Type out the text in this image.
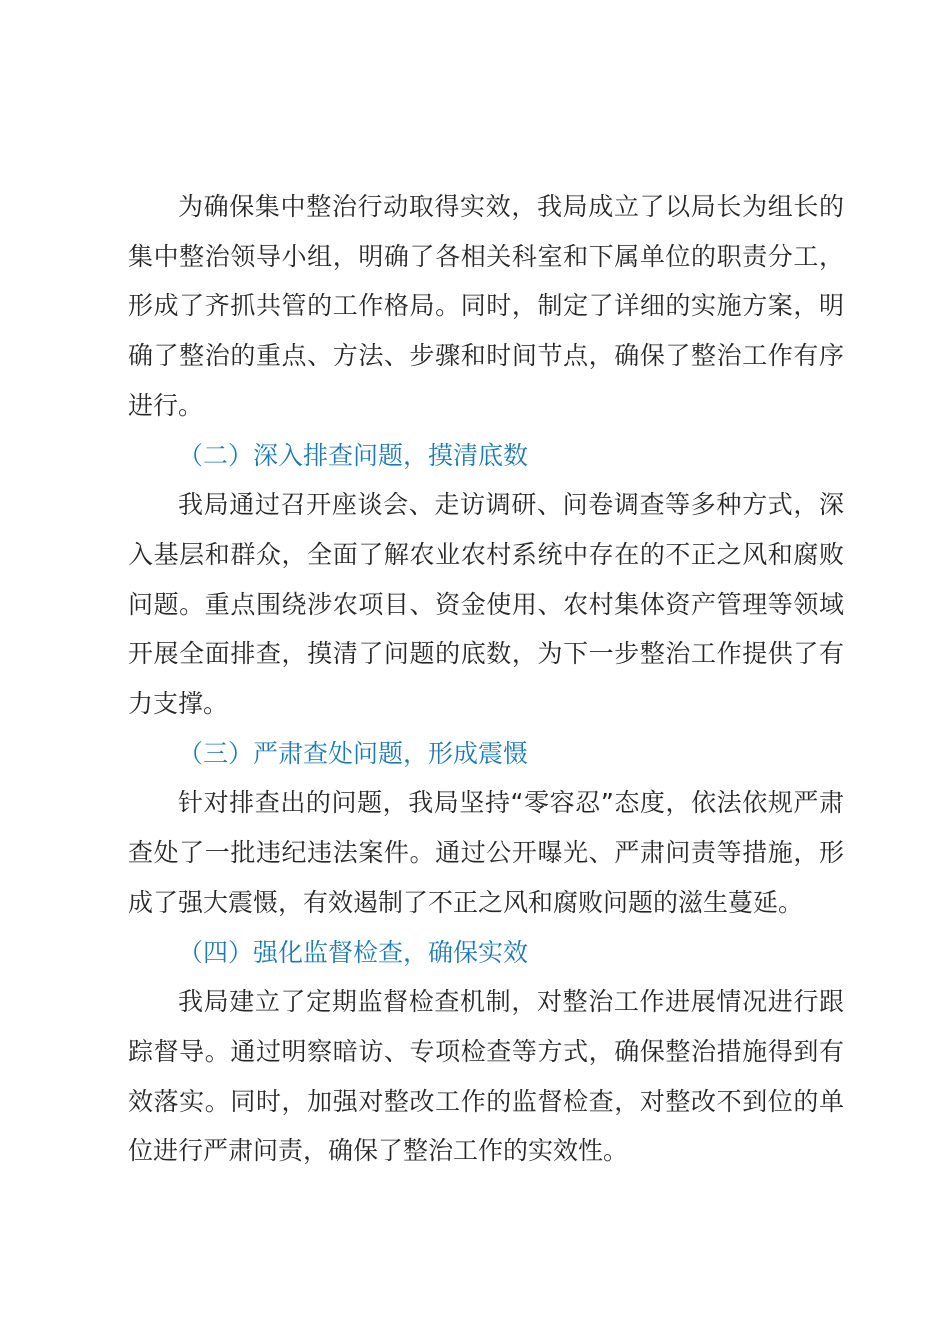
为确保集中整治行动取得实效，我局成立了以局长为组长的集中整治领导小组，明确了各相关科室和下属单位的职责分工，形成了齐抓共管的工作格局。同时，制定了详细的实施方案，明确了整治的重点、方法、步骤和时间节点，确保了整治工作有序进行。

（二）深入排查问题，摸清底数

我局通过召开座谈会、走访调研、问卷调查等多种方式，深入基层和群众，全面了解农业农村系统中存在的不正之风和腐败问题。重点围绕涉农项目、资金使用、农村集体资产管理等领域开展全面排查，摸清了问题的底数，为下一步整治工作提供了有力支撑。

（三）严肃查处问题，形成震慑

针对排查出的问题，我局坚持“零容忍”态度，依法依规严肃查处了一批违纪违法案件。通过公开曝光、严肃问责等措施，形成了强大震慑，有效遏制了不正之风和腐败问题的滋生蔓延。

（四）强化监督检查，确保实效

我局建立了定期监督检查机制，对整治工作进展情况进行跟踪督导。通过明察暗访、专项检查等方式，确保整治措施得到有效落实。同时，加强对整改工作的监督检查，对整改不到位的单位进行严肃问责，确保了整治工作的实效性。
